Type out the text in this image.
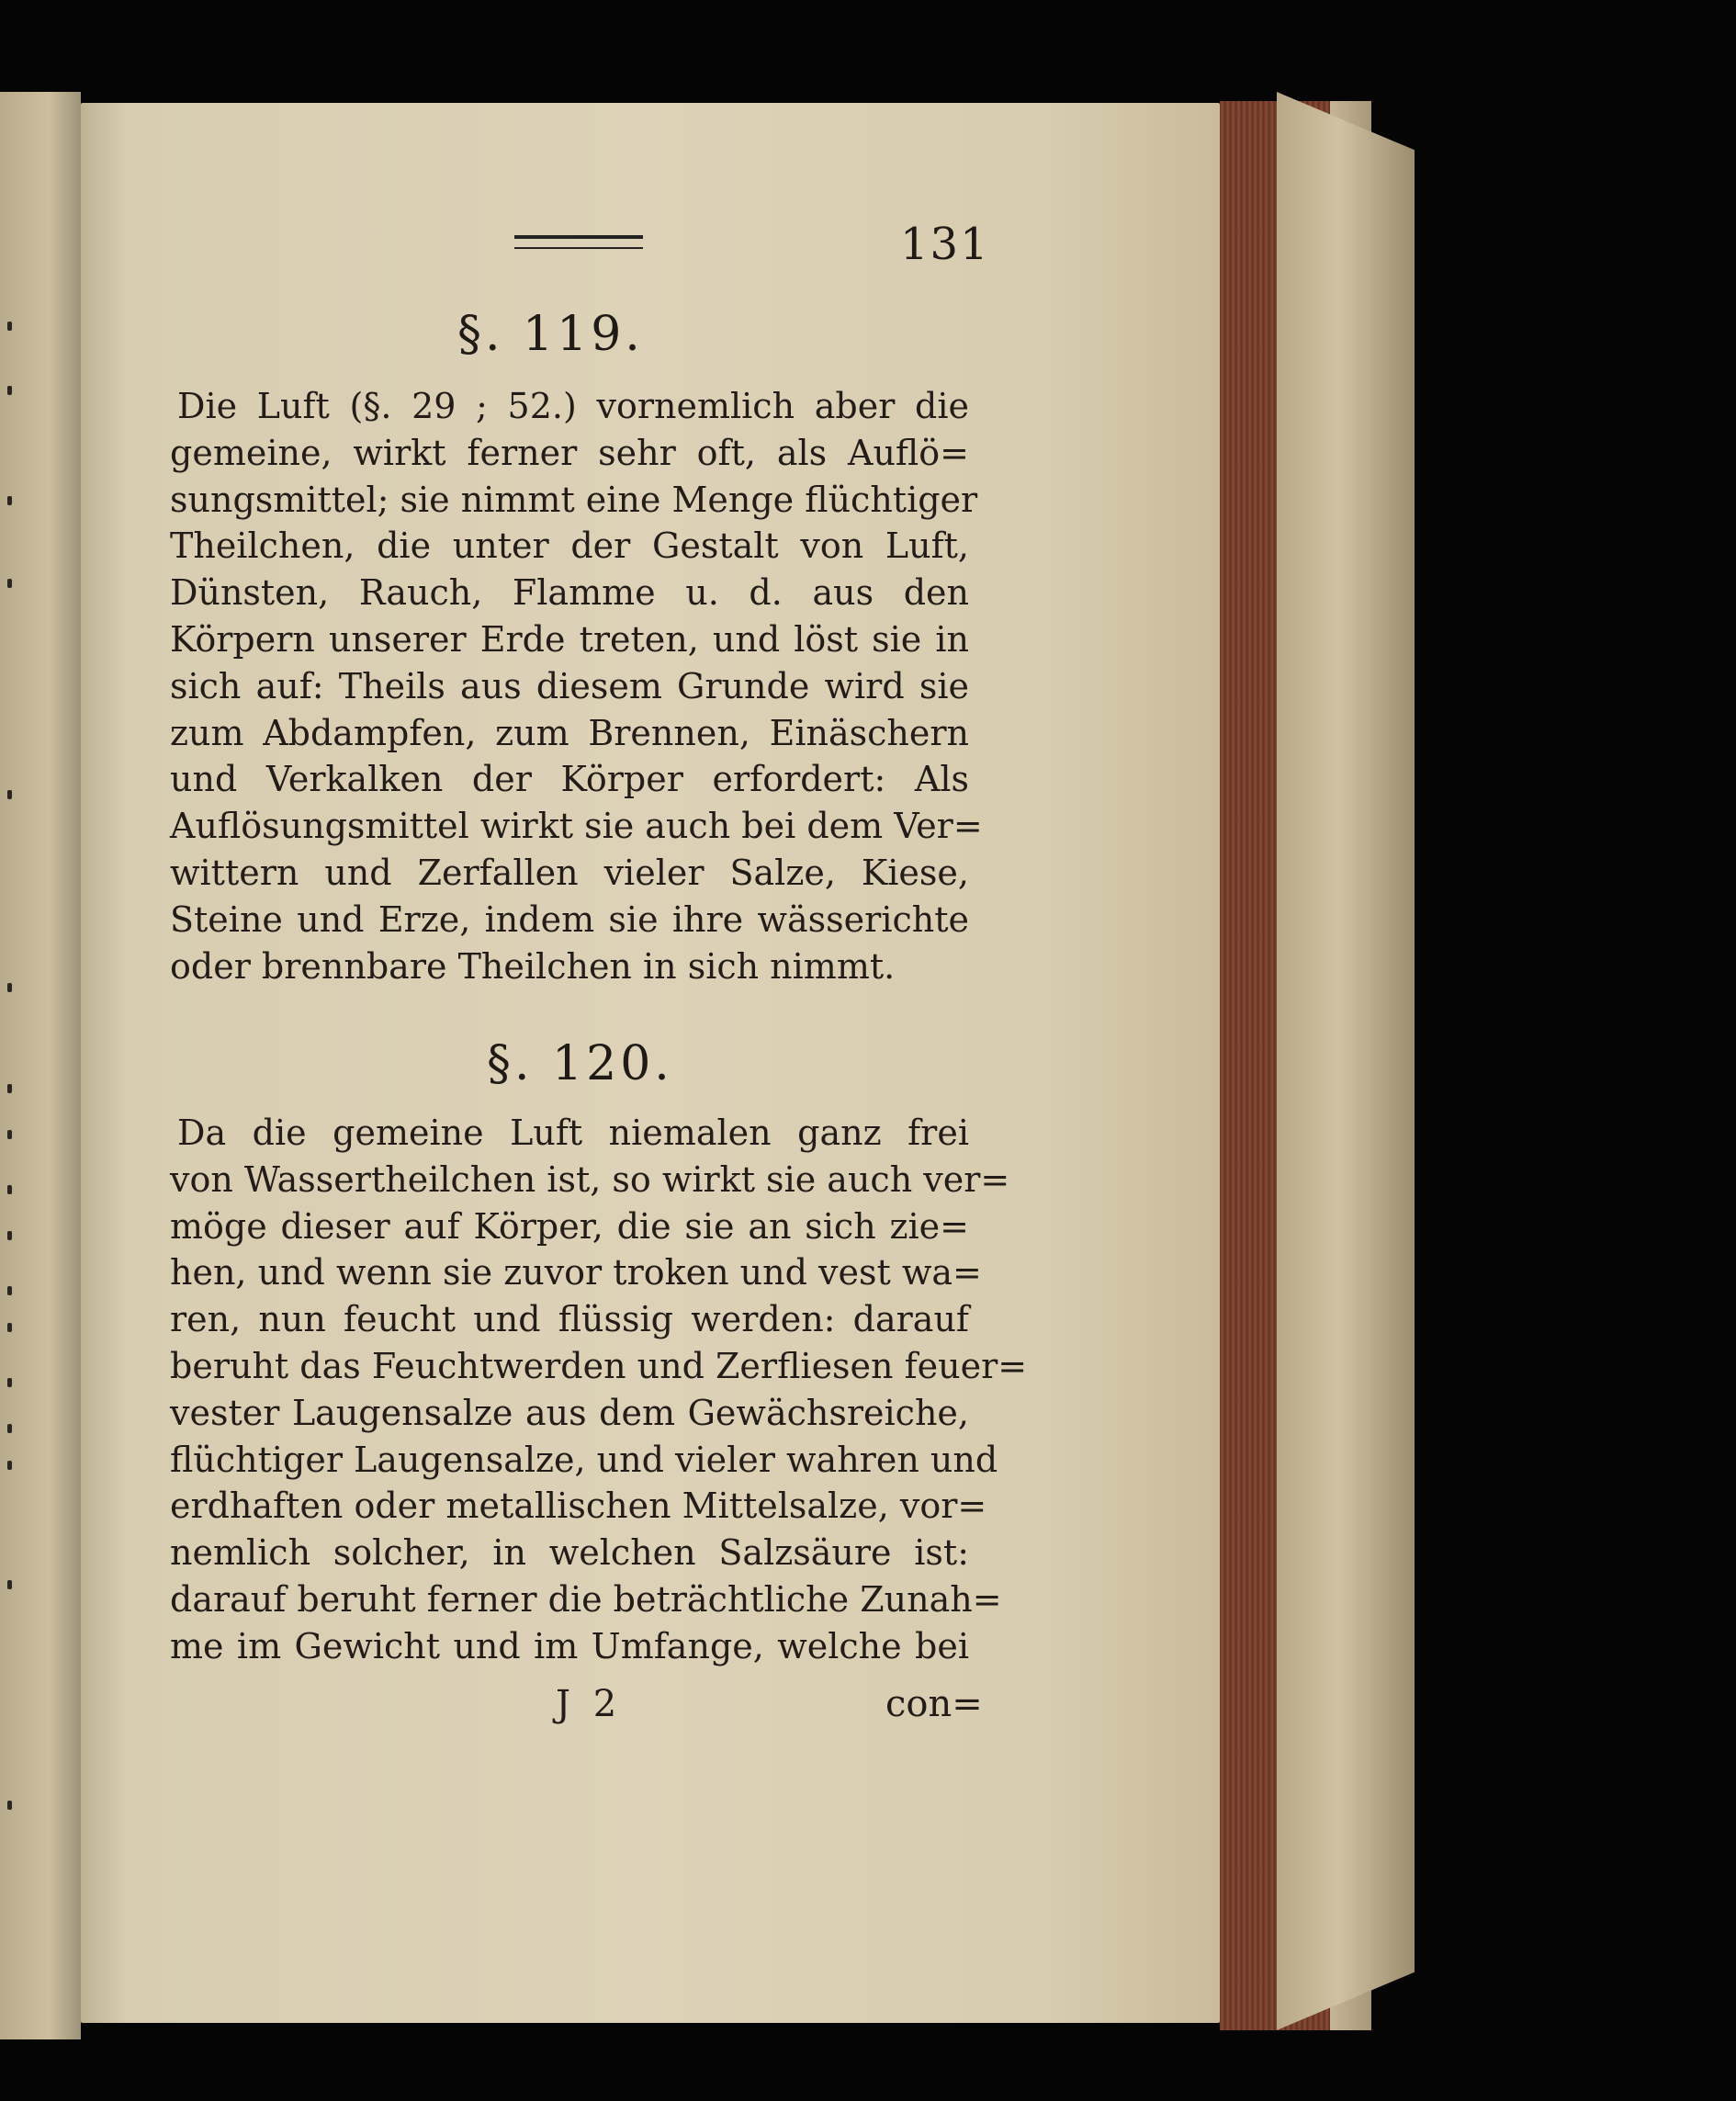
131
§. 119.
Die Luft (§. 29 ; 52.) vornemlich aber die
gemeine, wirkt ferner sehr oft, als Auflö=
sungsmittel; sie nimmt eine Menge flüchtiger
Theilchen, die unter der Gestalt von Luft,
Dünsten, Rauch, Flamme u. d. aus den
Körpern unserer Erde treten, und löst sie in
sich auf: Theils aus diesem Grunde wird sie
zum Abdampfen, zum Brennen, Einäschern
und Verkalken der Körper erfordert: Als
Auflösungsmittel wirkt sie auch bei dem Ver=
wittern und Zerfallen vieler Salze, Kiese,
Steine und Erze, indem sie ihre wässerichte
oder brennbare Theilchen in sich nimmt.
§. 120.
Da die gemeine Luft niemalen ganz frei
von Wassertheilchen ist, so wirkt sie auch ver=
möge dieser auf Körper, die sie an sich zie=
hen, und wenn sie zuvor troken und vest wa=
ren, nun feucht und flüssig werden: darauf
beruht das Feuchtwerden und Zerfliesen feuer=
vester Laugensalze aus dem Gewächsreiche,
flüchtiger Laugensalze, und vieler wahren und
erdhaften oder metallischen Mittelsalze, vor=
nemlich solcher, in welchen Salzsäure ist:
darauf beruht ferner die beträchtliche Zunah=
me im Gewicht und im Umfange, welche bei
J 2	con=
